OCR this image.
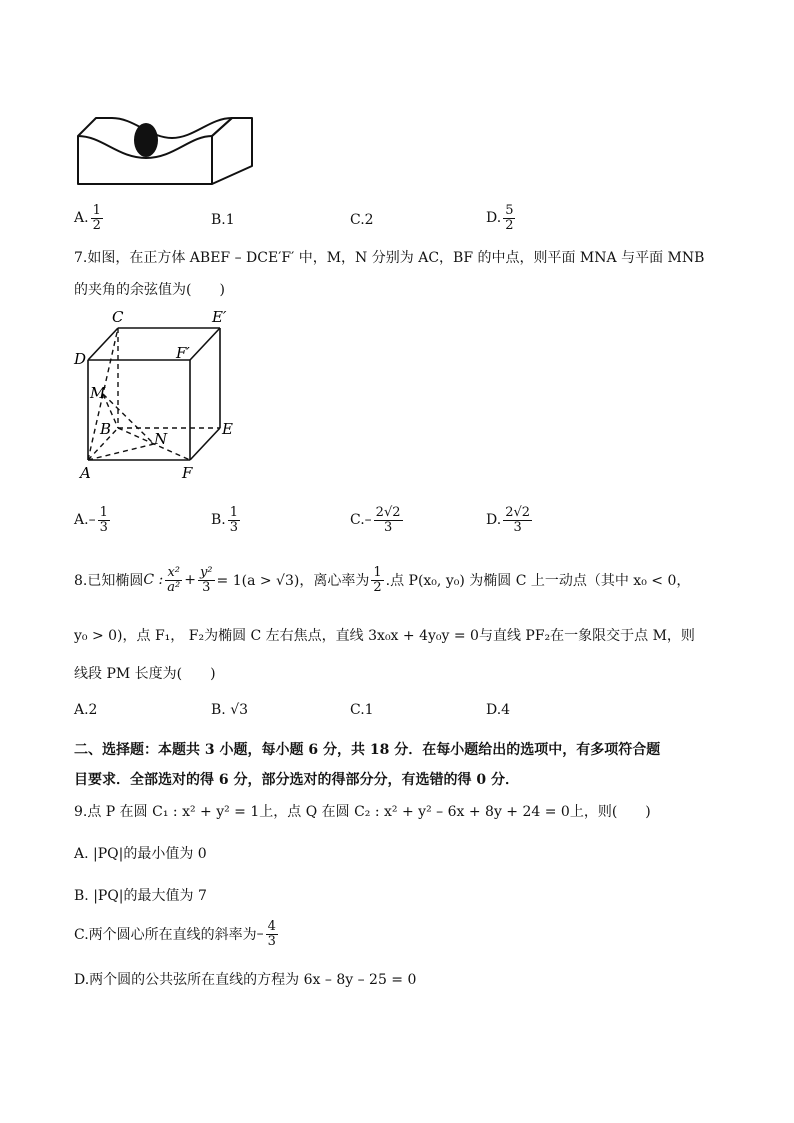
A. $\frac{1}{2}$	B. 1	C. 2	D. $\frac{5}{2}$
7.如图，在正方体 ABEF – DCE′F′ 中，M，N 分别为 AC，BF 的中点，则平面 MNA 与平面 MNB
的夹角的余弦值为(　　)
C	E′
D	F′
M
B
N
E
A	F
A. – $\frac{1}{3}$	B. $\frac{1}{3}$	C. – $\frac{2√2}{3}$	D. $\frac{2√2}{3}$
8.已知椭圆 C : $\frac{\text{x²}}{\text{a²}} + \frac{\text{y²}}{3} = 1(a > √3)$，离心率为 $\frac{1}{2}$ .点 P(x₀, y₀) 为椭圆 C 上一动点（其中 x₀ < 0，
y₀ > 0)，点 F₁， F₂为椭圆 C 左右焦点，直线 3x₀x + 4y₀y = 0与直线 PF₂在一象限交于点 M，则
线段 PM 长度为(　　)
A.2	B. √3	C.1	D.4
二、选择题：本题共 3 小题，每小题 6 分，共 18 分．在每小题给出的选项中，有多项符合题
目要求．全部选对的得 6 分，部分选对的得部分分，有选错的得 0 分．
9.点 P 在圆 C₁ : x² + y² = 1上，点 Q 在圆 C₂ : x² + y² – 6x + 8y + 24 = 0上，则(　　)
A. |PQ|的最小值为 0
B. |PQ|的最大值为 7
C.两个圆心所在直线的斜率为 – $\frac{4}{3}$
D.两个圆的公共弦所在直线的方程为 6x – 8y – 25 = 0
